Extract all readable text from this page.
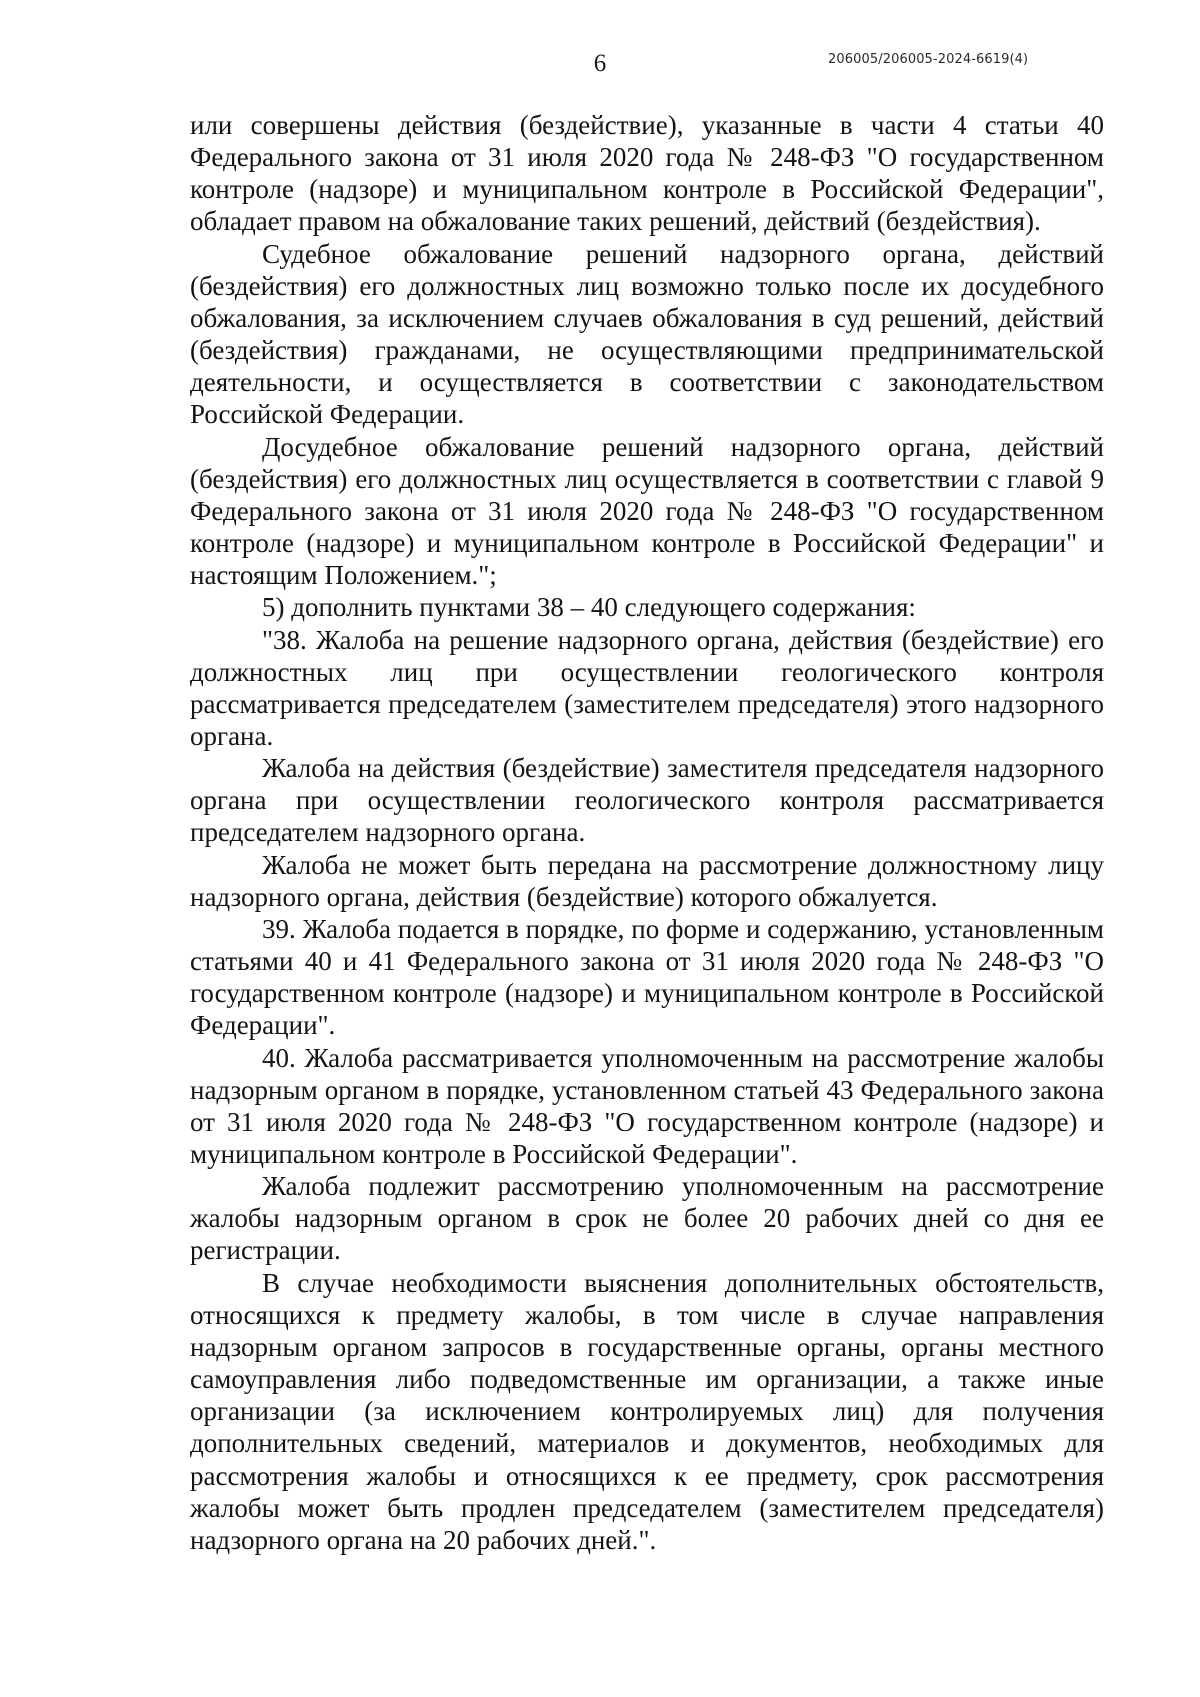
6	206005/206005-2024-6619(4)

или совершены действия (бездействие), указанные в части 4 статьи 40 Федерального закона от 31 июля 2020 года № 248-ФЗ "О государственном контроле (надзоре) и муниципальном контроле в Российской Федерации", обладает правом на обжалование таких решений, действий (бездействия).

Судебное обжалование решений надзорного органа, действий (бездействия) его должностных лиц возможно только после их досудебного обжалования, за исключением случаев обжалования в суд решений, действий (бездействия) гражданами, не осуществляющими предпринимательской деятельности, и осуществляется в соответствии с законодательством Российской Федерации.

Досудебное обжалование решений надзорного органа, действий (бездействия) его должностных лиц осуществляется в соответствии с главой 9 Федерального закона от 31 июля 2020 года № 248-ФЗ "О государственном контроле (надзоре) и муниципальном контроле в Российской Федерации" и настоящим Положением.";

5) дополнить пунктами 38 – 40 следующего содержания:

"38. Жалоба на решение надзорного органа, действия (бездействие) его должностных лиц при осуществлении геологического контроля рассматривается председателем (заместителем председателя) этого надзорного органа.

Жалоба на действия (бездействие) заместителя председателя надзорного органа при осуществлении геологического контроля рассматривается председателем надзорного органа.

Жалоба не может быть передана на рассмотрение должностному лицу надзорного органа, действия (бездействие) которого обжалуется.

39. Жалоба подается в порядке, по форме и содержанию, установленным статьями 40 и 41 Федерального закона от 31 июля 2020 года № 248-ФЗ "О государственном контроле (надзоре) и муниципальном контроле в Российской Федерации".

40. Жалоба рассматривается уполномоченным на рассмотрение жалобы надзорным органом в порядке, установленном статьей 43 Федерального закона от 31 июля 2020 года № 248-ФЗ "О государственном контроле (надзоре) и муниципальном контроле в Российской Федерации".

Жалоба подлежит рассмотрению уполномоченным на рассмотрение жалобы надзорным органом в срок не более 20 рабочих дней со дня ее регистрации.

В случае необходимости выяснения дополнительных обстоятельств, относящихся к предмету жалобы, в том числе в случае направления надзорным органом запросов в государственные органы, органы местного самоуправления либо подведомственные им организации, а также иные организации (за исключением контролируемых лиц) для получения дополнительных сведений, материалов и документов, необходимых для рассмотрения жалобы и относящихся к ее предмету, срок рассмотрения жалобы может быть продлен председателем (заместителем председателя) надзорного органа на 20 рабочих дней.".
